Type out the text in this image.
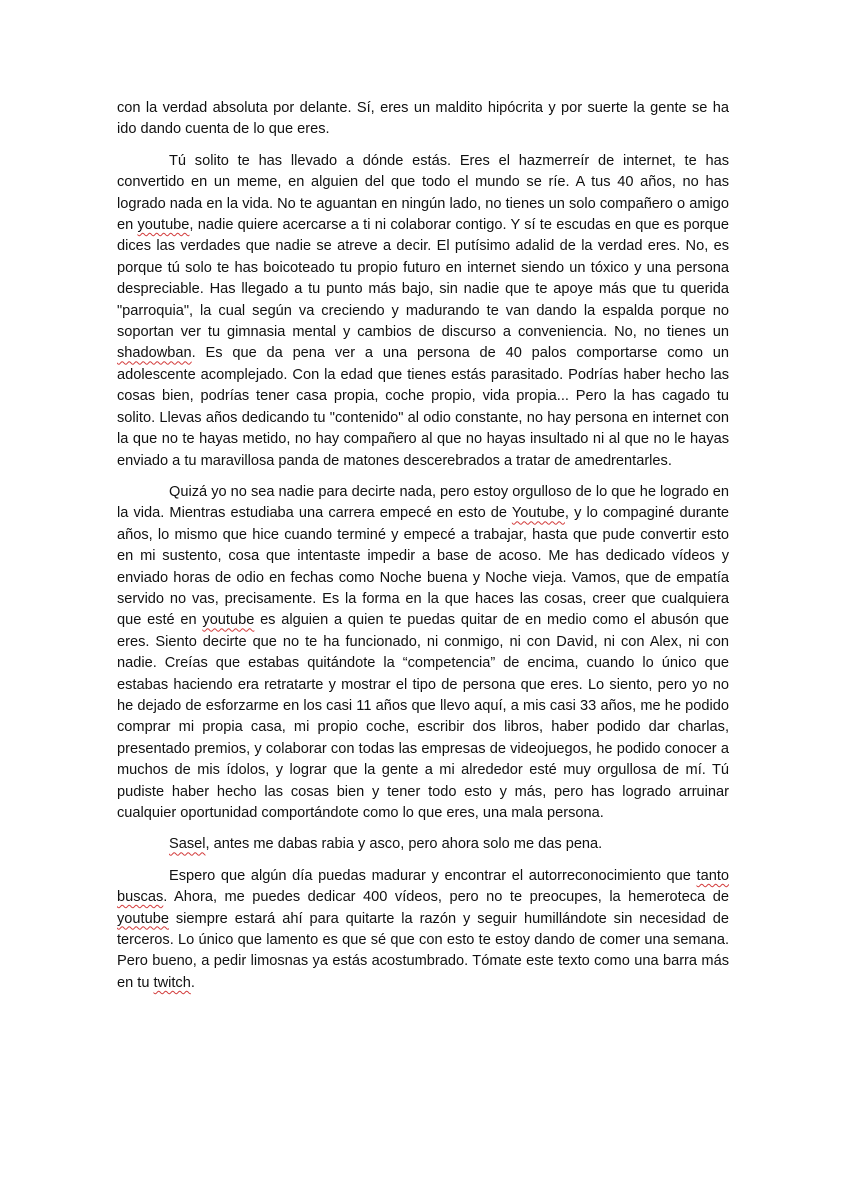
con la verdad absoluta por delante. Sí, eres un maldito hipócrita y por suerte la gente se ha ido dando cuenta de lo que eres.

Tú solito te has llevado a dónde estás. Eres el hazmerreír de internet, te has convertido en un meme, en alguien del que todo el mundo se ríe. A tus 40 años, no has logrado nada en la vida. No te aguantan en ningún lado, no tienes un solo compañero o amigo en youtube, nadie quiere acercarse a ti ni colaborar contigo. Y sí te escudas en que es porque dices las verdades que nadie se atreve a decir. El putísimo adalid de la verdad eres. No, es porque tú solo te has boicoteado tu propio futuro en internet siendo un tóxico y una persona despreciable. Has llegado a tu punto más bajo, sin nadie que te apoye más que tu querida "parroquia", la cual según va creciendo y madurando te van dando la espalda porque no soportan ver tu gimnasia mental y cambios de discurso a conveniencia. No, no tienes un shadowban. Es que da pena ver a una persona de 40 palos comportarse como un adolescente acomplejado. Con la edad que tienes estás parasitado. Podrías haber hecho las cosas bien, podrías tener casa propia, coche propio, vida propia... Pero la has cagado tu solito. Llevas años dedicando tu "contenido" al odio constante, no hay persona en internet con la que no te hayas metido, no hay compañero al que no hayas insultado ni al que no le hayas enviado a tu maravillosa panda de matones descerebrados a tratar de amedrentarles.

Quizá yo no sea nadie para decirte nada, pero estoy orgulloso de lo que he logrado en la vida. Mientras estudiaba una carrera empecé en esto de Youtube, y lo compaginé durante años, lo mismo que hice cuando terminé y empecé a trabajar, hasta que pude convertir esto en mi sustento, cosa que intentaste impedir a base de acoso. Me has dedicado vídeos y enviado horas de odio en fechas como Noche buena y Noche vieja. Vamos, que de empatía servido no vas, precisamente. Es la forma en la que haces las cosas, creer que cualquiera que esté en youtube es alguien a quien te puedas quitar de en medio como el abusón que eres. Siento decirte que no te ha funcionado, ni conmigo, ni con David, ni con Alex, ni con nadie. Creías que estabas quitándote la “competencia” de encima, cuando lo único que estabas haciendo era retratarte y mostrar el tipo de persona que eres. Lo siento, pero yo no he dejado de esforzarme en los casi 11 años que llevo aquí, a mis casi 33 años, me he podido comprar mi propia casa, mi propio coche, escribir dos libros, haber podido dar charlas, presentado premios, y colaborar con todas las empresas de videojuegos, he podido conocer a muchos de mis ídolos, y lograr que la gente a mi alrededor esté muy orgullosa de mí. Tú pudiste haber hecho las cosas bien y tener todo esto y más, pero has logrado arruinar cualquier oportunidad comportándote como lo que eres, una mala persona.

Sasel, antes me dabas rabia y asco, pero ahora solo me das pena.

Espero que algún día puedas madurar y encontrar el autorreconocimiento que tanto buscas. Ahora, me puedes dedicar 400 vídeos, pero no te preocupes, la hemeroteca de youtube siempre estará ahí para quitarte la razón y seguir humillándote sin necesidad de terceros. Lo único que lamento es que sé que con esto te estoy dando de comer una semana. Pero bueno, a pedir limosnas ya estás acostumbrado. Tómate este texto como una barra más en tu twitch.
